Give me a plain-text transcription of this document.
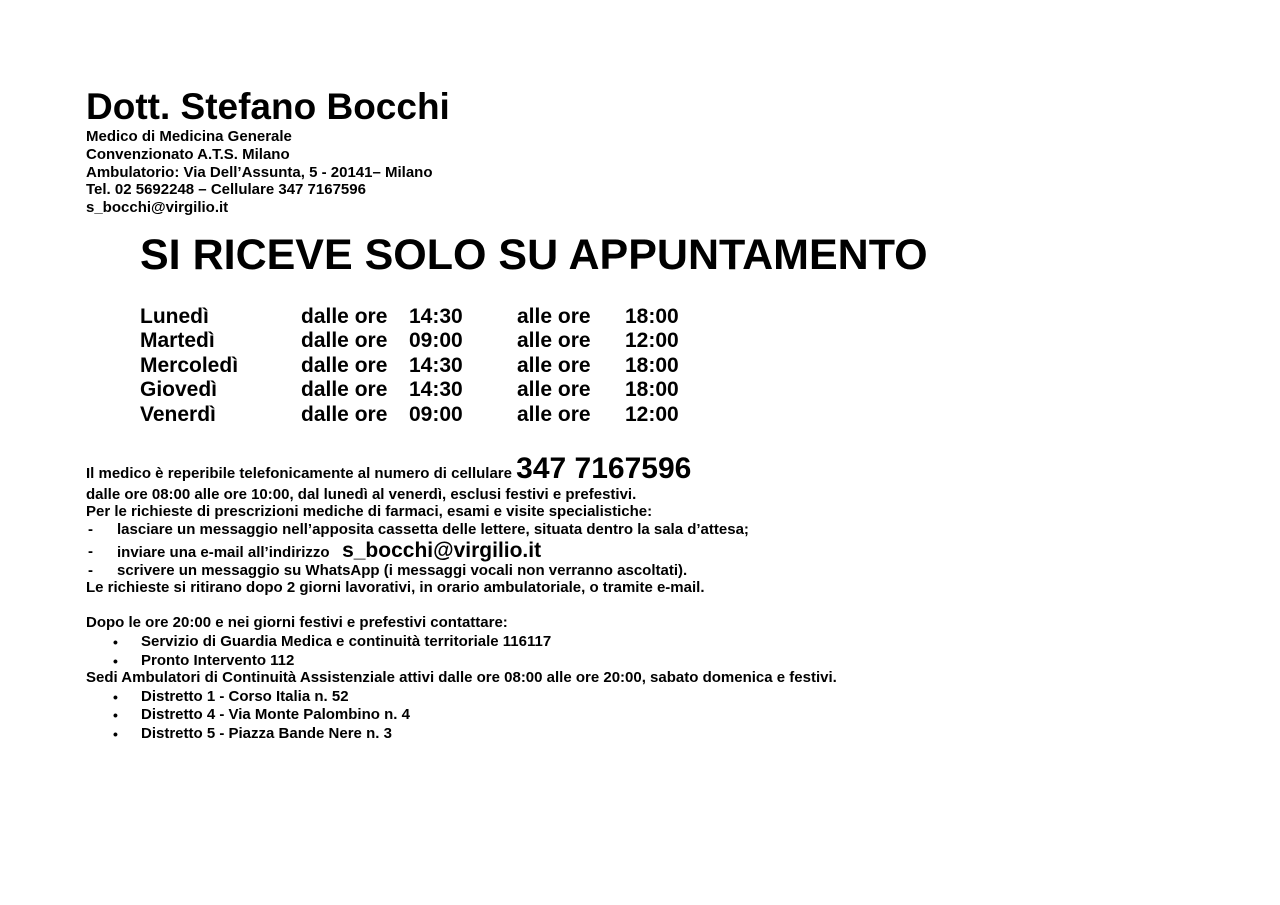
Dott. Stefano Bocchi
Medico di Medicina Generale
Convenzionato A.T.S. Milano
Ambulatorio: Via Dell’Assunta, 5 - 20141– Milano
Tel. 02 5692248 – Cellulare 347 7167596
s_bocchi@virgilio.it
SI RICEVE SOLO SU APPUNTAMENTO
Lunedì	dalle ore 14:30	alle ore 18:00
Martedì	dalle ore 09:00	alle ore 12:00
Mercoledì	dalle ore 14:30	alle ore 18:00
Giovedì	dalle ore 14:30	alle ore 18:00
Venerdì	dalle ore 09:00	alle ore 12:00
Il medico è reperibile telefonicamente al numero di cellulare 347 7167596
dalle ore 08:00 alle ore 10:00, dal lunedì al venerdì, esclusi festivi e prefestivi.
Per le richieste di prescrizioni mediche di farmaci, esami e visite specialistiche:
- lasciare un messaggio nell’apposita cassetta delle lettere, situata dentro la sala d’attesa;
- inviare una e-mail all’indirizzo s_bocchi@virgilio.it
- scrivere un messaggio su WhatsApp (i messaggi vocali non verranno ascoltati).
Le richieste si ritirano dopo 2 giorni lavorativi, in orario ambulatoriale, o tramite e-mail.
Dopo le ore 20:00 e nei giorni festivi e prefestivi contattare:
• Servizio di Guardia Medica e continuità territoriale 116117
• Pronto Intervento 112
Sedi Ambulatori di Continuità Assistenziale attivi dalle ore 08:00 alle ore 20:00, sabato domenica e festivi.
• Distretto 1 - Corso Italia n. 52
• Distretto 4 - Via Monte Palombino n. 4
• Distretto 5 - Piazza Bande Nere n. 3
